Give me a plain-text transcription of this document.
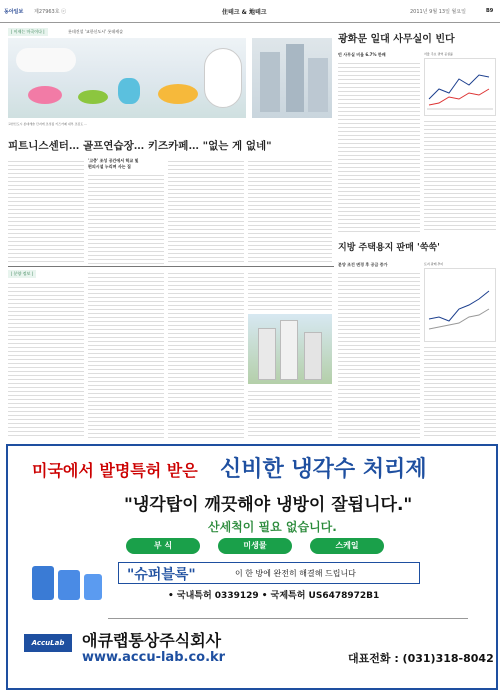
동아일보 제27963호 ⓒ	住테크 & 地테크	2011년 9월 13일 월요일	B9
| 이제는 마곡이다 |	롯데건설 '교한신도시' 롯데캐슬
교한신도시 롯데캐슬 단지에 조성될 키즈카페 내부 조감도 ...
광화문 일대 사무실이 빈다
빈 사무실 비율 6.7% 한배	서울 주요 권역 공실률
피트니스센터… 골프연습장… 키즈카페… "없는 게 없네"
'고층' 조성 공간에서 학교 및
편의시설 누리며 사는 집
지방 주택용지 판매 '쑥쑥'
분양 조건 변경 후 공급 증가	토지 판매 추이
| 분양 정보 |
미국에서 발명특허 받은 신비한 냉각수 처리제
"냉각탑이 깨끗해야 냉방이 잘됩니다."
산세척이 필요 없습니다.
부 식	미생물	스케일
"슈퍼블록"	이 한 방에 완전히 해결해 드립니다
• 국내특허 0339129 • 국제특허 US6478972B1
AccuLab	애큐랩통상주식회사
www.accu-lab.co.kr	대표전화 : (031)318-8042
